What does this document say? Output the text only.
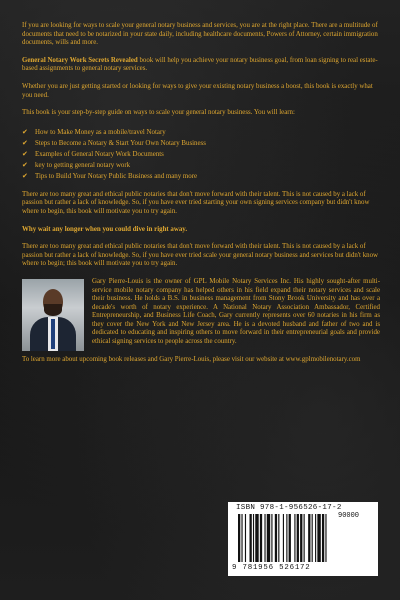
If you are looking for ways to scale your general notary business and services, you are at the right place. There are a multitude of documents that need to be notarized in your state daily, including healthcare documents, Powers of Attorney, certain immigration documents, wills and more.

General Notary Work Secrets Revealed book will help you achieve your notary business goal, from loan signing to real estate-based assignments to general notary services.

Whether you are just getting started or looking for ways to give your existing notary business a boost, this book is exactly what you need.

This book is your step-by-step guide on ways to scale your general notary business. You will learn:

✔ How to Make Money as a mobile/travel Notary
✔ Steps to Become a Notary & Start Your Own Notary Business
✔ Examples of General Notary Work Documents
✔ key to getting general notary work
✔ Tips to Build Your Notary Public Business and many more

There are too many great and ethical public notaries that don't move forward with their talent. This is not caused by a lack of passion but rather a lack of knowledge. So, if you have ever tried starting your own signing services company but didn't know where to begin, this book will motivate you to try again.

Why wait any longer when you could dive in right away.

There are too many great and ethical public notaries that don't move forward with their talent. This is not caused by a lack of passion but rather a lack of knowledge. So, if you have ever tried scale your general notary business and services but didn't know where to begin; this book will motivate you to try again.

Gary Pierre-Louis is the owner of GPL Mobile Notary Services Inc. His highly sought-after multi-service mobile notary company has helped others in his field expand their notary services and scale their business. He holds a B.S. in business management from Stony Brook University and has over a decade's worth of notary experience. A National Notary Association Ambassador, Certified Entrepreneurship, and Business Life Coach, Gary currently represents over 60 notaries in his firm as they cover the New York and New Jersey area. He is a devoted husband and father of two and is dedicated to educating and inspiring others to move forward in their entrepreneurial goals and provide ethical signing services to people across the country.

To learn more about upcoming book releases and Gary Pierre-Louis, please visit our website at www.gplmobilenotary.com

ISBN 978-1-956526-17-2
90000
9 781956 526172
